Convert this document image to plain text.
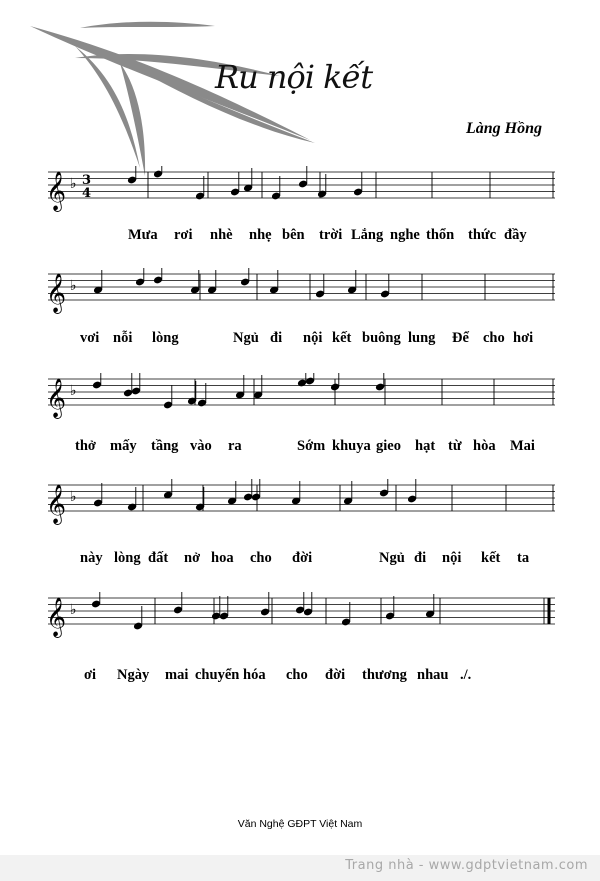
Ru nội kết
Làng Hồng
𝄞 ♭ 3
4
𝄞 ♭
𝄞 ♭
𝄞 ♭
𝄞 ♭
Mưa rơi nhè nhẹ bên trời Lắng nghe thổn thức đầy
vơi nỗi lòng	Ngủ đi nội kết buông lung Để cho hơi
thở mấy tầng vào ra	Sớm khuya gieo hạt từ hòa Mai
này lòng đất nở hoa cho đời	Ngủ đi nội kết ta
ơi Ngày mai chuyển hóa cho đời thương nhau ./.
Văn Nghệ GĐPT Việt Nam
Trang nhà - www.gdptvietnam.com
